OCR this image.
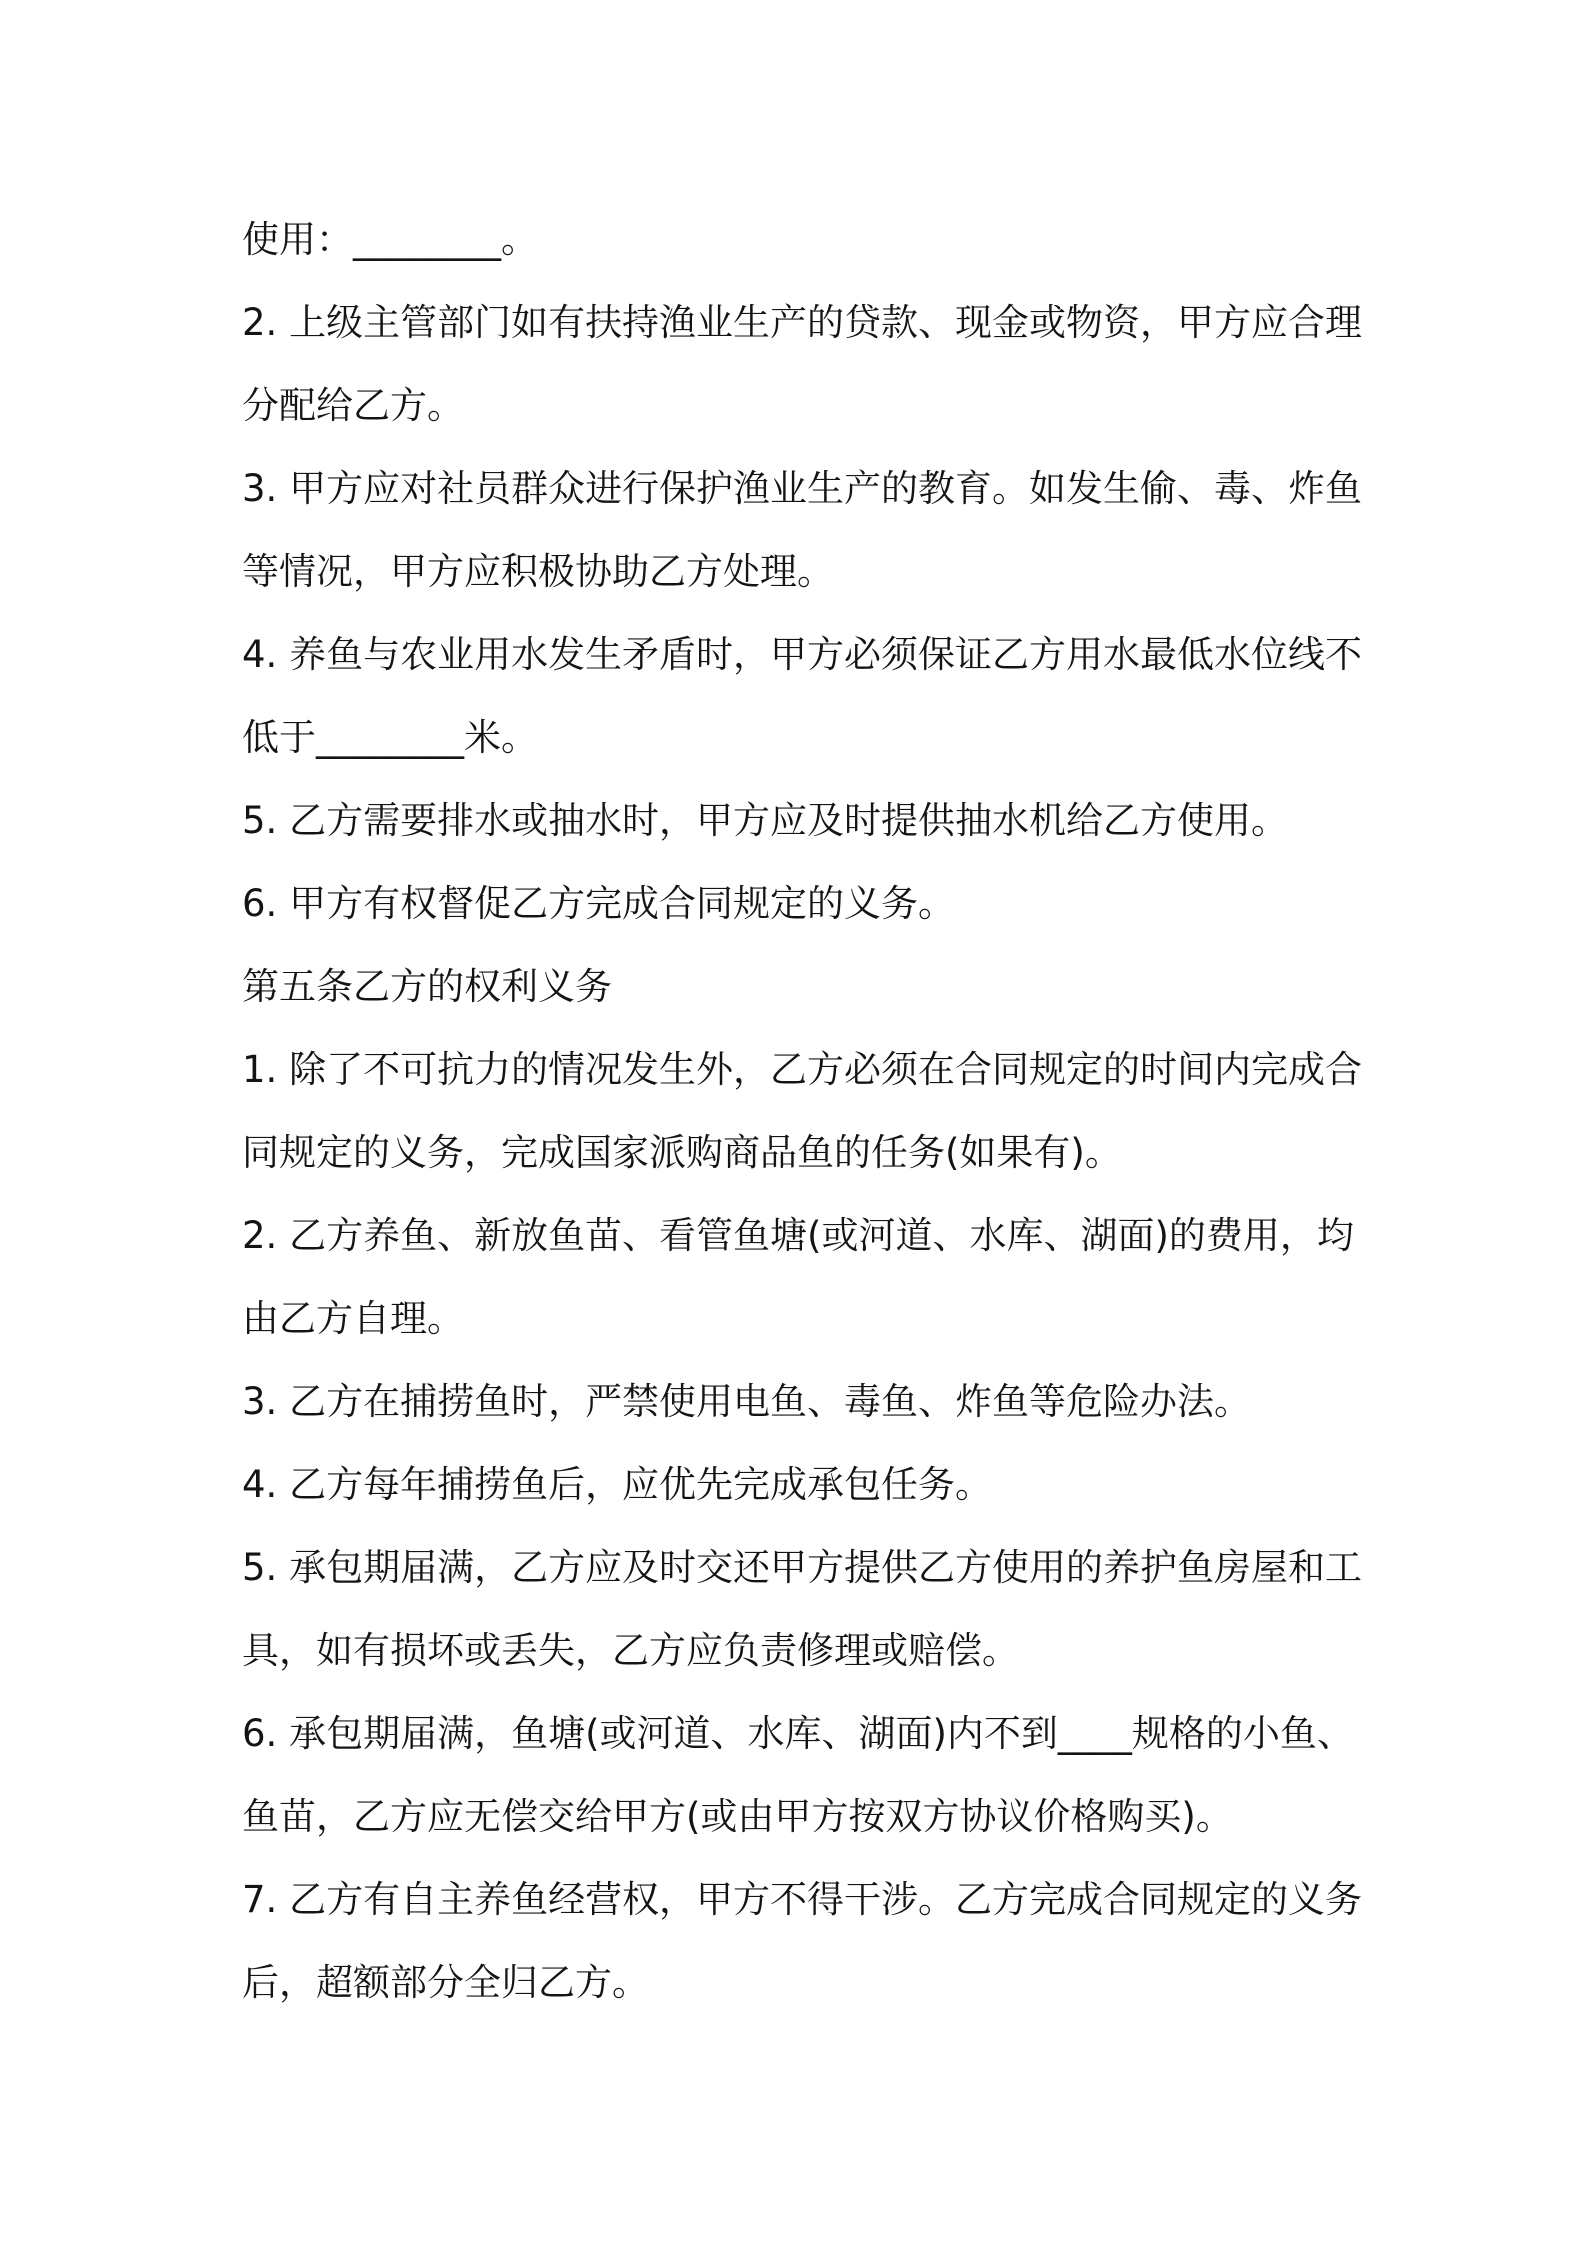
使用：________。
2. 上级主管部门如有扶持渔业生产的贷款、现金或物资，甲方应合理
分配给乙方。
3. 甲方应对社员群众进行保护渔业生产的教育。如发生偷、毒、炸鱼
等情况，甲方应积极协助乙方处理。
4. 养鱼与农业用水发生矛盾时，甲方必须保证乙方用水最低水位线不
低于________米。
5. 乙方需要排水或抽水时，甲方应及时提供抽水机给乙方使用。
6. 甲方有权督促乙方完成合同规定的义务。
第五条乙方的权利义务
1. 除了不可抗力的情况发生外，乙方必须在合同规定的时间内完成合
同规定的义务，完成国家派购商品鱼的任务(如果有)。
2. 乙方养鱼、新放鱼苗、看管鱼塘(或河道、水库、湖面)的费用，均
由乙方自理。
3. 乙方在捕捞鱼时，严禁使用电鱼、毒鱼、炸鱼等危险办法。
4. 乙方每年捕捞鱼后，应优先完成承包任务。
5. 承包期届满，乙方应及时交还甲方提供乙方使用的养护鱼房屋和工
具，如有损坏或丢失，乙方应负责修理或赔偿。
6. 承包期届满，鱼塘(或河道、水库、湖面)内不到____规格的小鱼、
鱼苗，乙方应无偿交给甲方(或由甲方按双方协议价格购买)。
7. 乙方有自主养鱼经营权，甲方不得干涉。乙方完成合同规定的义务
后，超额部分全归乙方。
